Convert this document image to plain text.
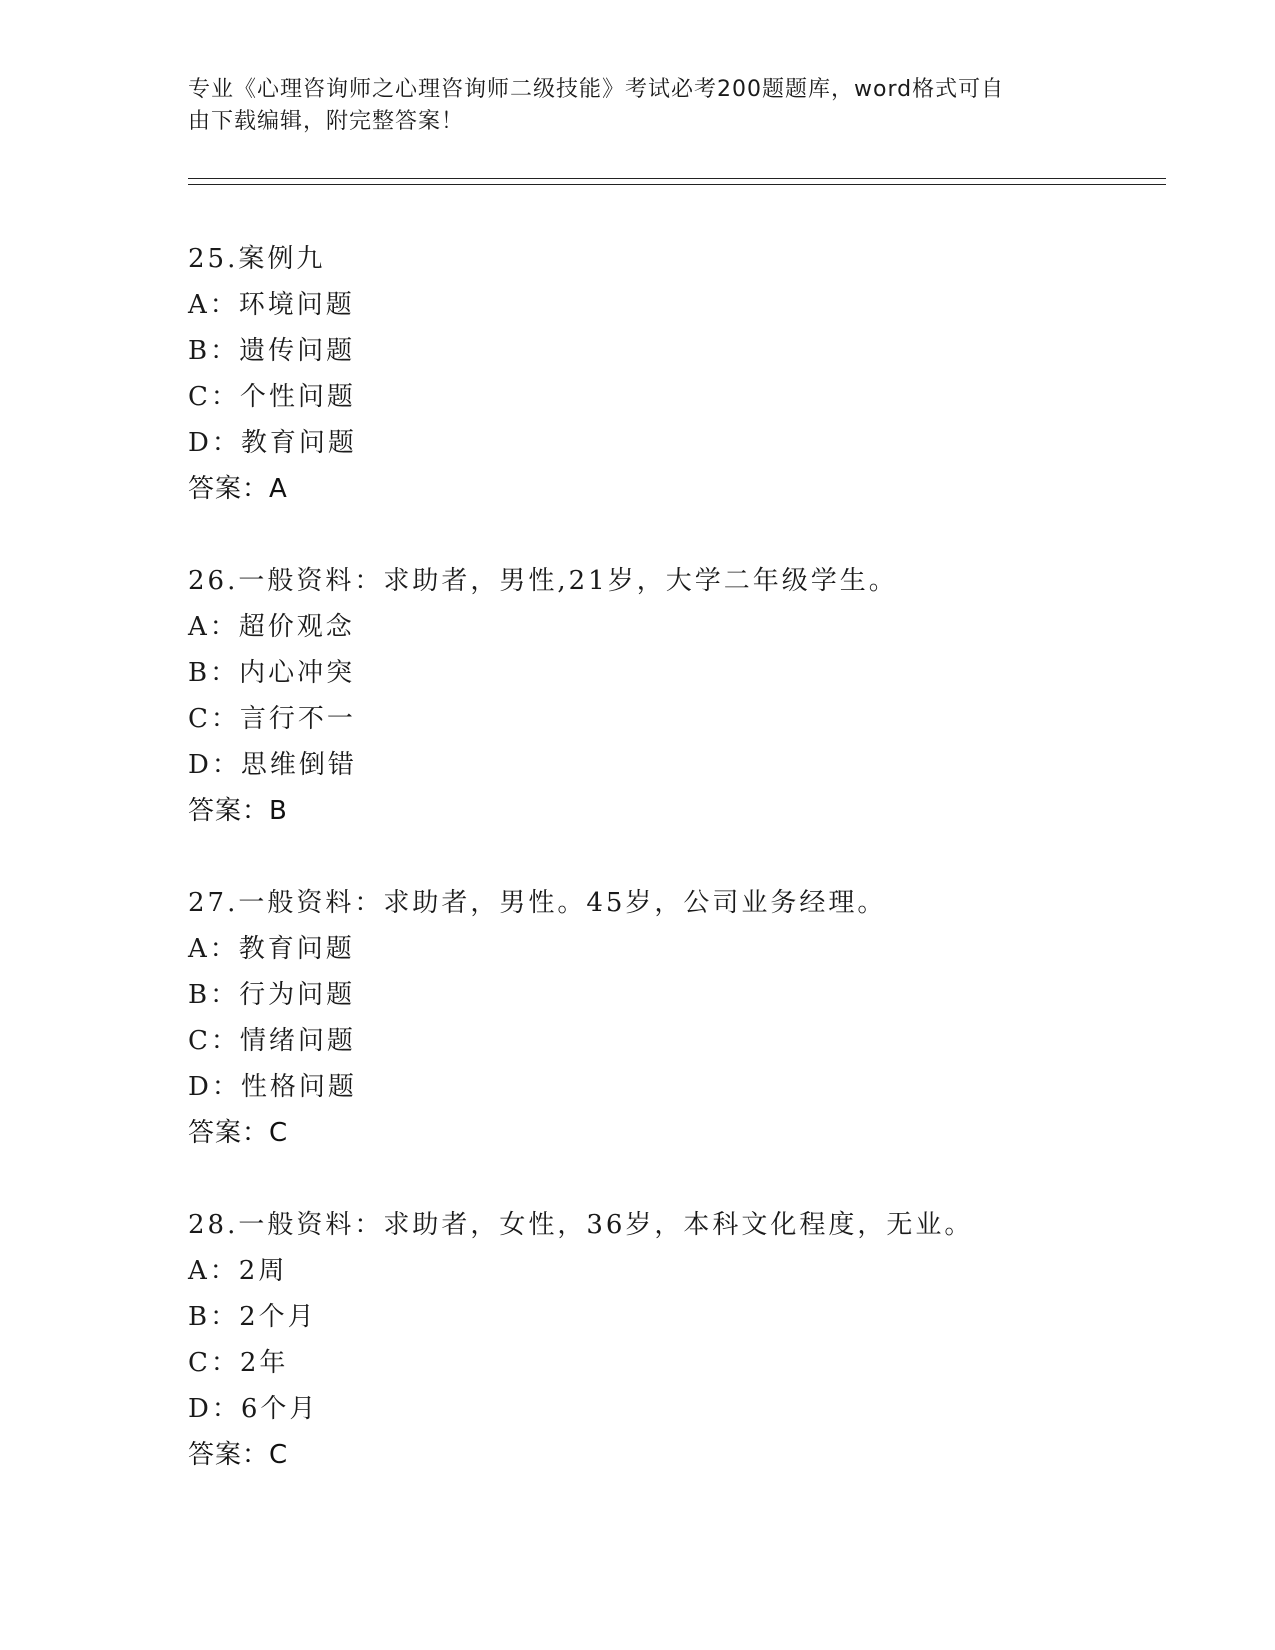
专业《心理咨询师之心理咨询师二级技能》考试必考200题题库，word格式可自
由下载编辑，附完整答案！
25.案例九
A：环境问题
B：遗传问题
C：个性问题
D：教育问题
答案：A
26.一般资料：求助者，男性,21岁，大学二年级学生。
A：超价观念
B：内心冲突
C：言行不一
D：思维倒错
答案：B
27.一般资料：求助者，男性。45岁，公司业务经理。
A：教育问题
B：行为问题
C：情绪问题
D：性格问题
答案：C
28.一般资料：求助者，女性，36岁，本科文化程度，无业。
A：2周
B：2个月
C：2年
D：6个月
答案：C
